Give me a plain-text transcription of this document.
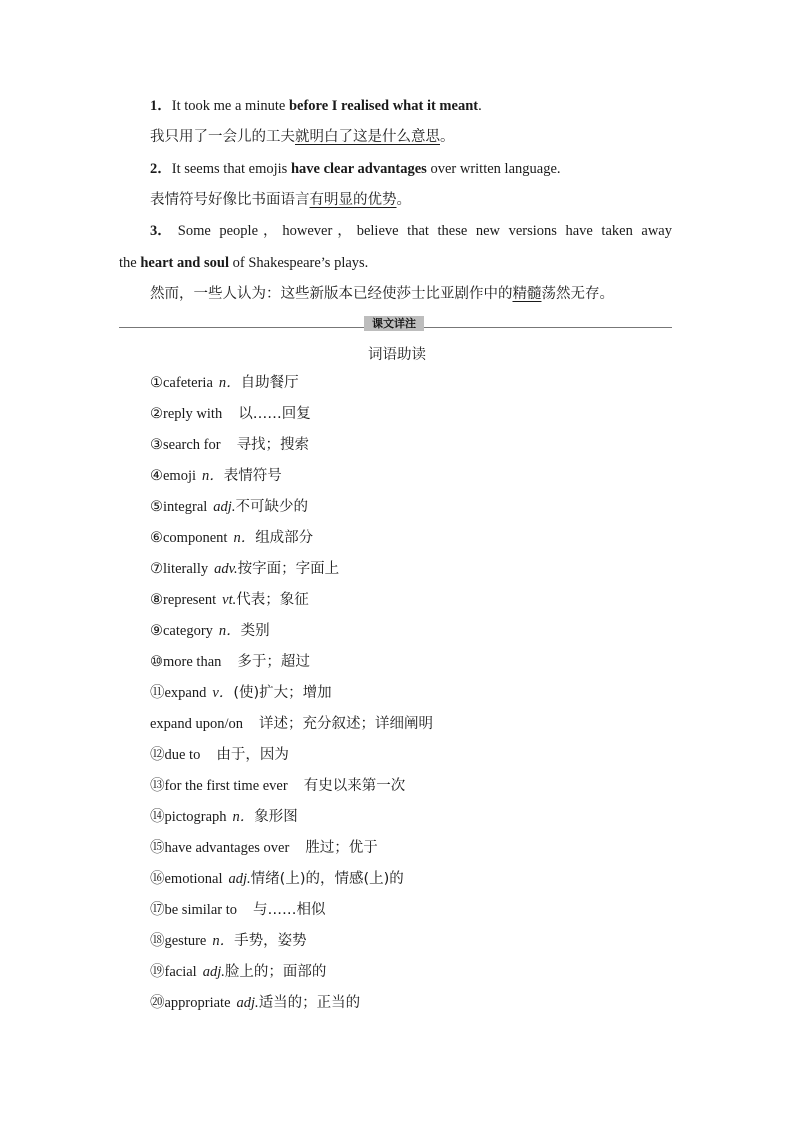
1．It took me a minute before I realised what it meant.
我只用了一会儿的工夫就明白了这是什么意思。
2．It seems that emojis have clear advantages over written language.
表情符号好像比书面语言有明显的优势。
3． Some people，however，believe that these new versions have taken away
the heart and soul of Shakespeare’s plays.
然而，一些人认为：这些新版本已经使莎士比亚剧作中的精髓荡然无存。
课文详注
词语助读
①cafeteria n．自助餐厅
②reply with 以……回复
③search for 寻找；搜索
④emoji n．表情符号
⑤integral adj.不可缺少的
⑥component n．组成部分
⑦literally adv.按字面；字面上
⑧represent vt.代表；象征
⑨category n．类别
⑩more than 多于；超过
⑪expand v．(使)扩大；增加
expand upon/on 详述；充分叙述；详细阐明
⑫due to 由于，因为
⑬for the first time ever 有史以来第一次
⑭pictograph n．象形图
⑮have advantages over 胜过；优于
⑯emotional adj.情绪(上)的，情感(上)的
⑰be similar to 与……相似
⑱gesture n．手势，姿势
⑲facial adj.脸上的；面部的
⑳appropriate adj.适当的；正当的
